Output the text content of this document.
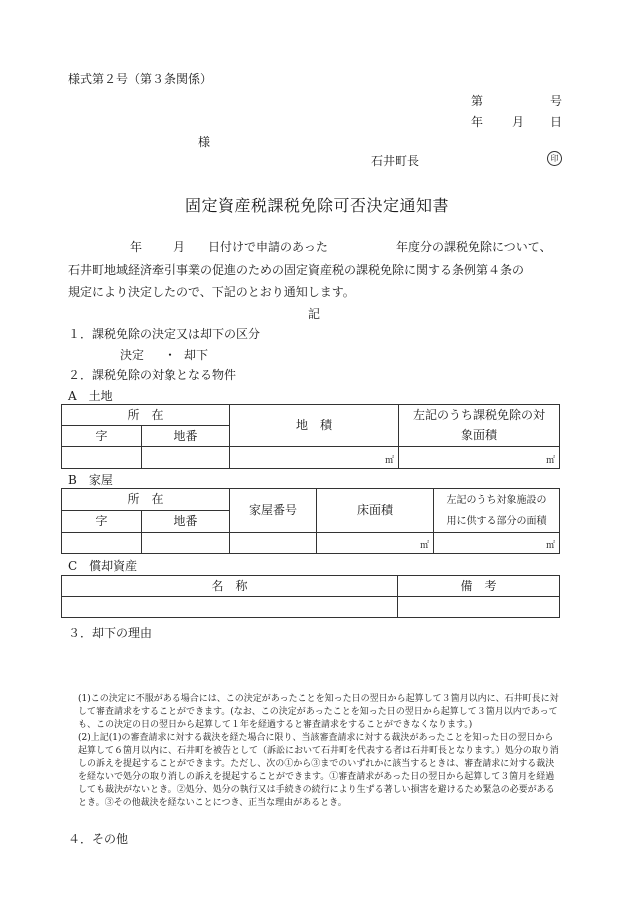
様式第２号（第３条関係）
第	号
年 月 日
様
石井町長	印
固定資産税課税免除可否決定通知書
年	月 日付けで申請のあった	年度分の課税免除について、
石井町地域経済牽引事業の促進のための固定資産税の課税免除に関する条例第４条の
規定により決定したので、下記のとおり通知します。
記
１．課税免除の決定又は却下の区分
決定 ・ 却下
２．課税免除の対象となる物件
A　土地
所　在		地　積	左記のうち課税免除の対
象面積
字	地番		
		㎡	㎡
B　家屋
所　在		家屋番号	床面積	左記のうち対象施設の
用に供する部分の面積
字	地番			
			㎡	㎡
C　償却資産
名　称	備　考

３．却下の理由

(1)この決定に不服がある場合には、この決定があったことを知った日の翌日から起算して３箇月以内に、石井町長に対して審査請求をすることができます。(なお、この決定があったことを知った日の翌日から起算して３箇月以内であっても、この決定の日の翌日から起算して１年を経過すると審査請求をすることができなくなります。)

(2)上記(1)の審査請求に対する裁決を経た場合に限り、当該審査請求に対する裁決があったことを知った日の翌日から起算して６箇月以内に、石井町を被告として（訴訟において石井町を代表する者は石井町長となります。）処分の取り消しの訴えを提起することができます。ただし、次の①から③までのいずれかに該当するときは、審査請求に対する裁決を経ないで処分の取り消しの訴えを提起することができます。①審査請求があった日の翌日から起算して３箇月を経過しても裁決がないとき。②処分、処分の執行又は手続きの続行により生ずる著しい損害を避けるため緊急の必要があるとき。③その他裁決を経ないことにつき、正当な理由があるとき。

４．その他
